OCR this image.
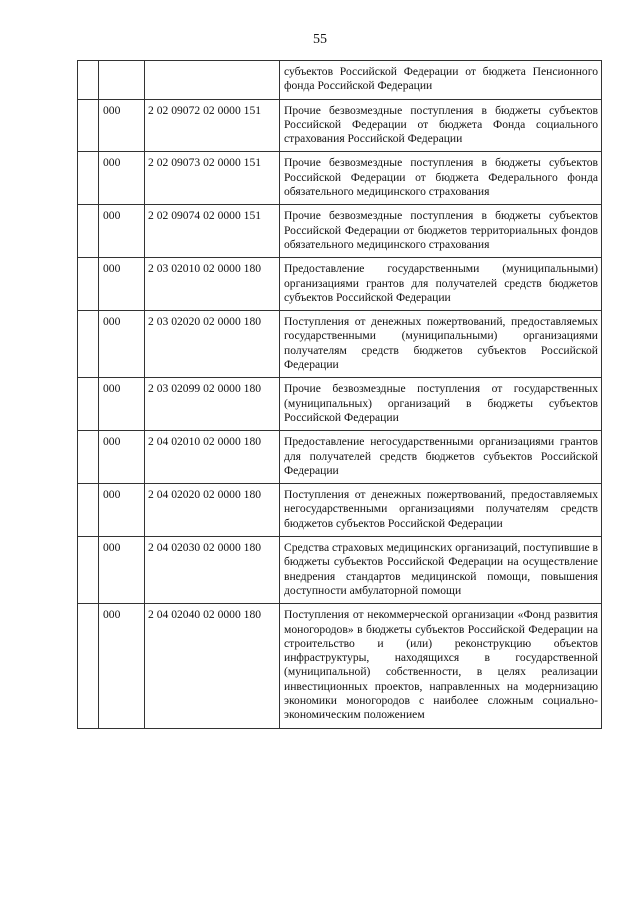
55

			субъектов Российской Федерации от бюджета Пенсионного фонда Российской Федерации

	000	2 02 09072 02 0000 151	Прочие безвозмездные поступления в бюджеты субъектов Российской Федерации от бюджета Фонда социального страхования Российской Федерации

	000	2 02 09073 02 0000 151	Прочие безвозмездные поступления в бюджеты субъектов Российской Федерации от бюджета Федерального фонда обязательного медицинского страхования

	000	2 02 09074 02 0000 151	Прочие безвозмездные поступления в бюджеты субъектов Российской Федерации от бюджетов территориальных фондов обязательного медицинского страхования

	000	2 03 02010 02 0000 180	Предоставление государственными (муниципальными) организациями грантов для получателей средств бюджетов субъектов Российской Федерации

	000	2 03 02020 02 0000 180	Поступления от денежных пожертвований, предоставляемых государственными (муниципальными) организациями получателям средств бюджетов субъектов Российской Федерации

	000	2 03 02099 02 0000 180	Прочие безвозмездные поступления от государственных (муниципальных) организаций в бюджеты субъектов Российской Федерации

	000	2 04 02010 02 0000 180	Предоставление негосударственными организациями грантов для получателей средств бюджетов субъектов Российской Федерации

	000	2 04 02020 02 0000 180	Поступления от денежных пожертвований, предоставляемых негосударственными организациями получателям средств бюджетов субъектов Российской Федерации

	000	2 04 02030 02 0000 180	Средства страховых медицинских организаций, поступившие в бюджеты субъектов Российской Федерации на осуществление внедрения стандартов медицинской помощи, повышения доступности амбулаторной помощи

	000	2 04 02040 02 0000 180	Поступления от некоммерческой организации «Фонд развития моногородов» в бюджеты субъектов Российской Федерации на строительство и (или) реконструкцию объектов инфраструктуры, находящихся в государственной (муниципальной) собственности, в целях реализации инвестиционных проектов, направленных на модернизацию экономики моногородов с наиболее сложным социально-экономическим положением
